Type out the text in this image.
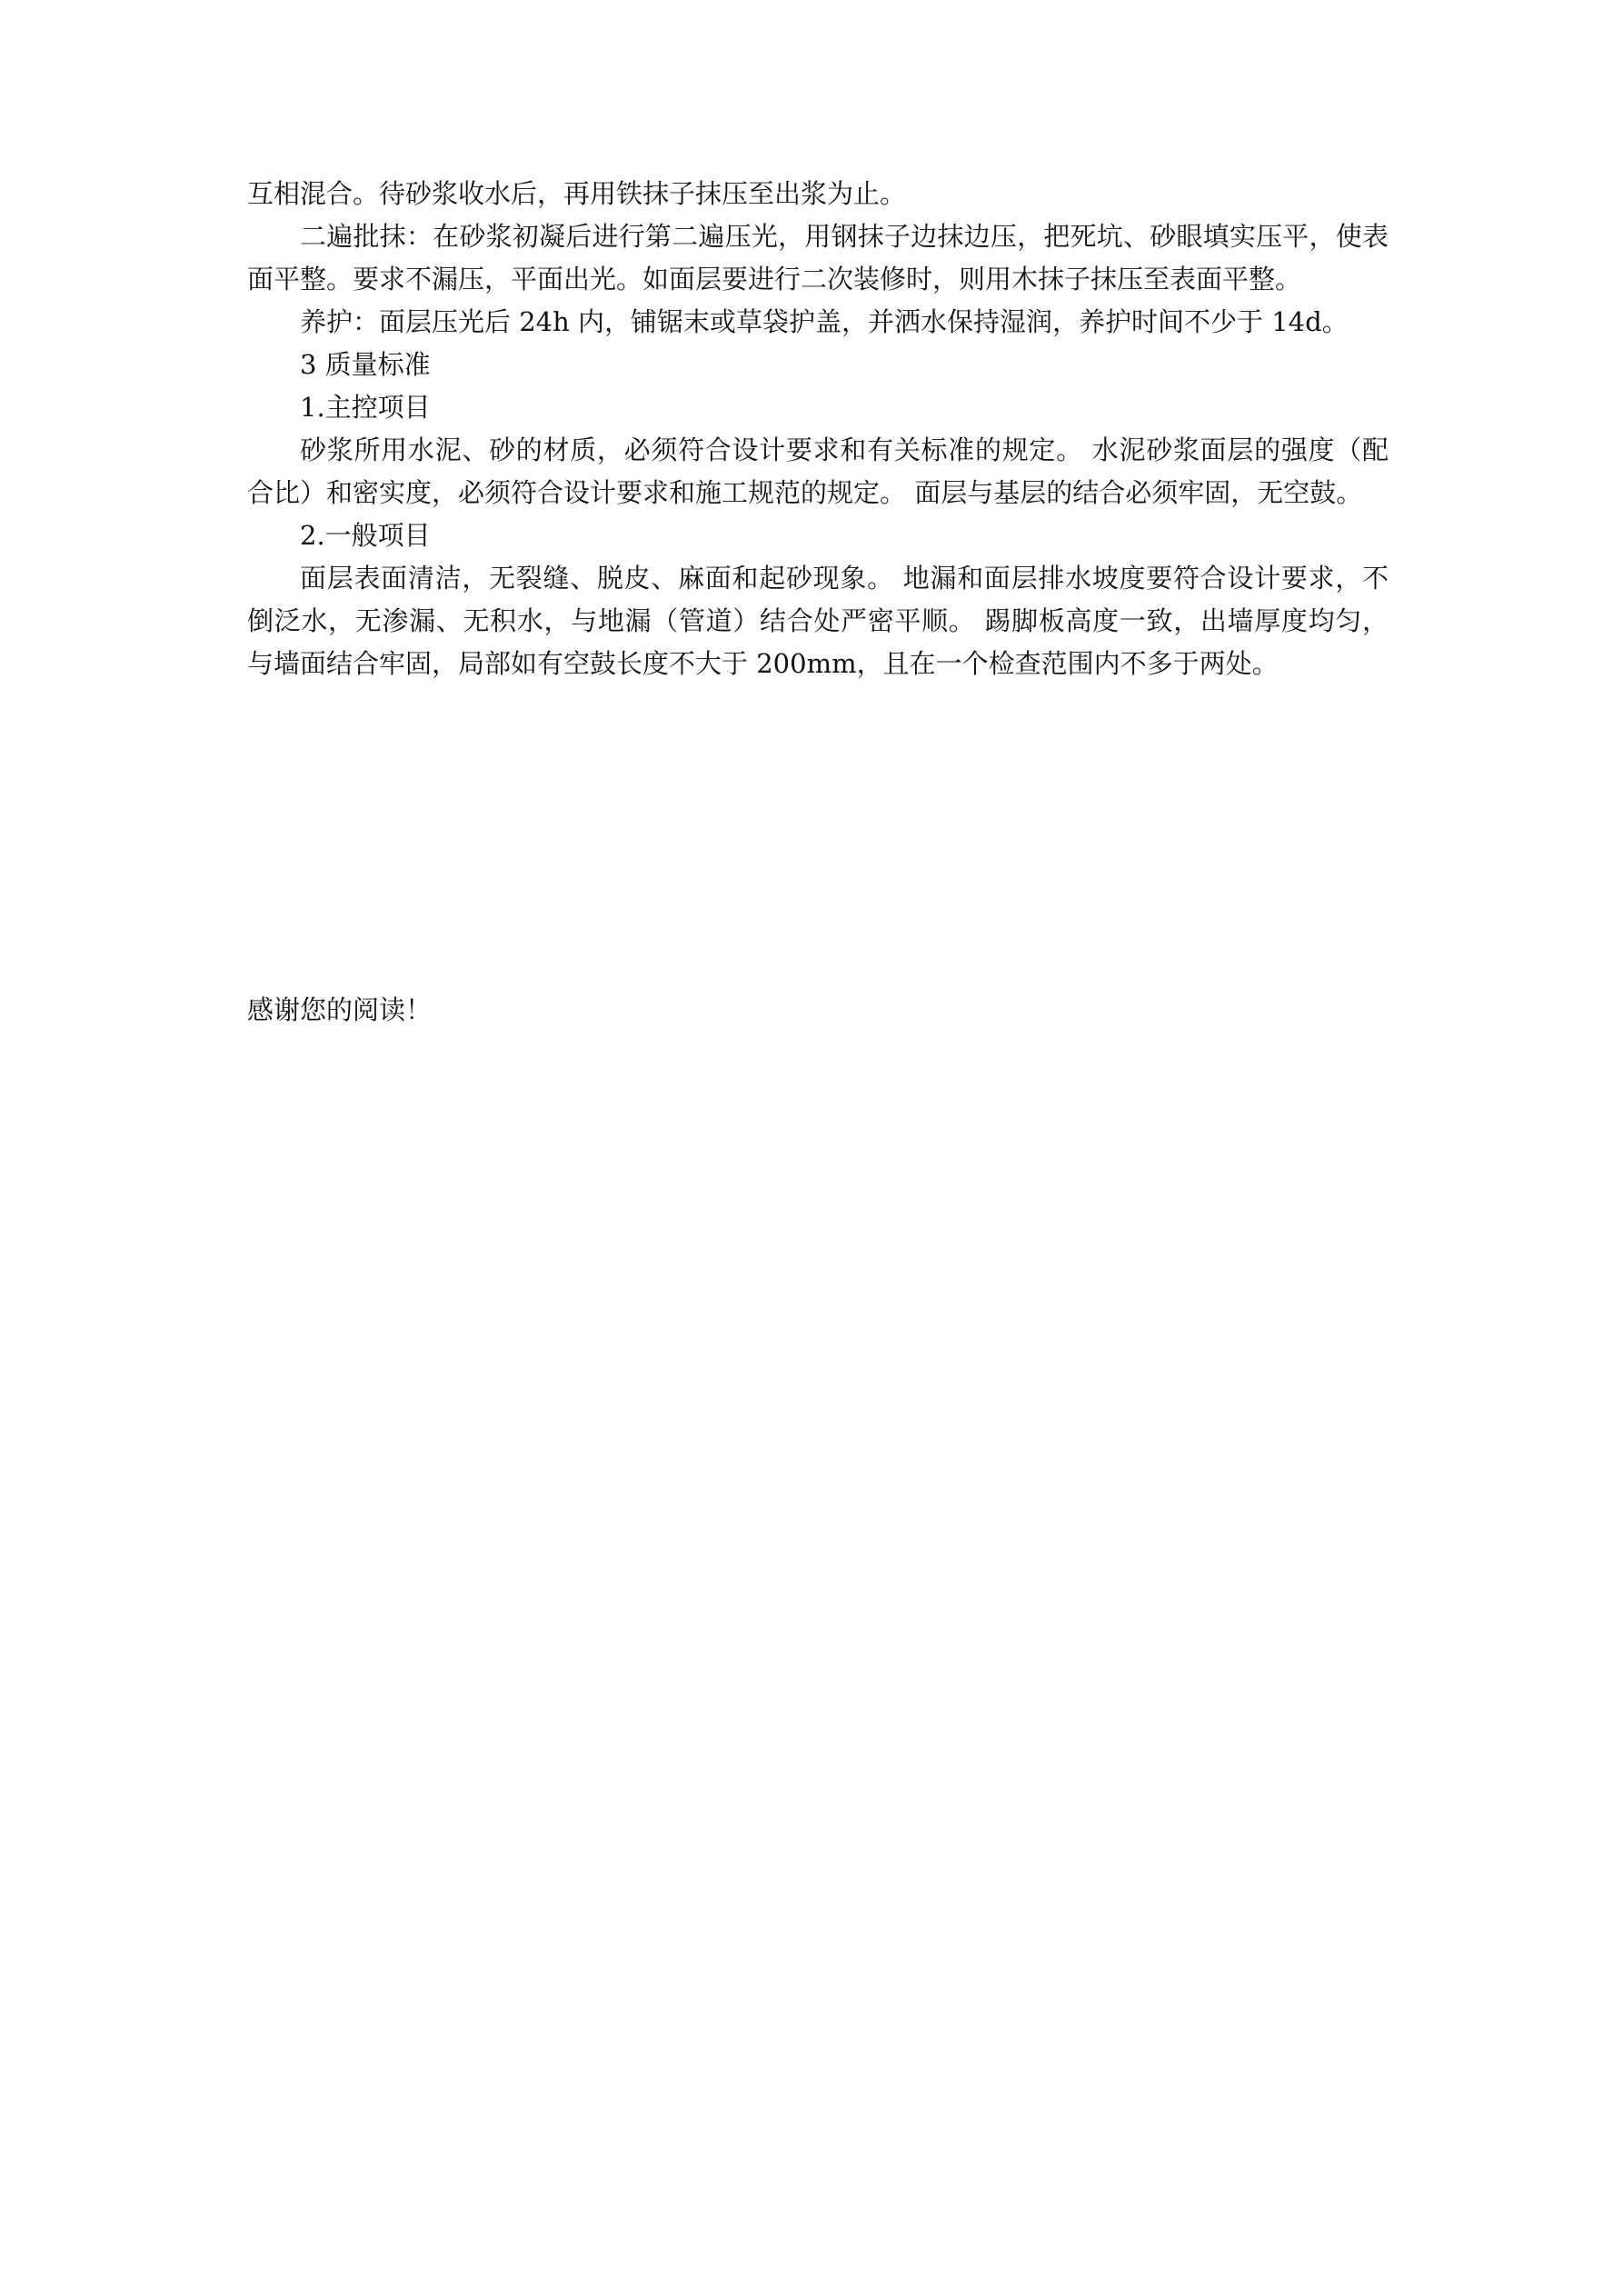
互相混合。待砂浆收水后，再用铁抹子抹压至出浆为止。

二遍批抹：在砂浆初凝后进行第二遍压光，用钢抹子边抹边压，把死坑、砂眼填实压平，使表面平整。要求不漏压，平面出光。如面层要进行二次装修时，则用木抹子抹压至表面平整。

养护：面层压光后 24h 内，铺锯末或草袋护盖，并洒水保持湿润，养护时间不少于 14d。

3 质量标准

1.主控项目

砂浆所用水泥、砂的材质，必须符合设计要求和有关标准的规定。 水泥砂浆面层的强度（配合比）和密实度，必须符合设计要求和施工规范的规定。 面层与基层的结合必须牢固，无空鼓。

2.一般项目

面层表面清洁，无裂缝、脱皮、麻面和起砂现象。 地漏和面层排水坡度要符合设计要求，不倒泛水，无渗漏、无积水，与地漏（管道）结合处严密平顺。 踢脚板高度一致，出墙厚度均匀，与墙面结合牢固，局部如有空鼓长度不大于 200mm，且在一个检查范围内不多于两处。

感谢您的阅读！
